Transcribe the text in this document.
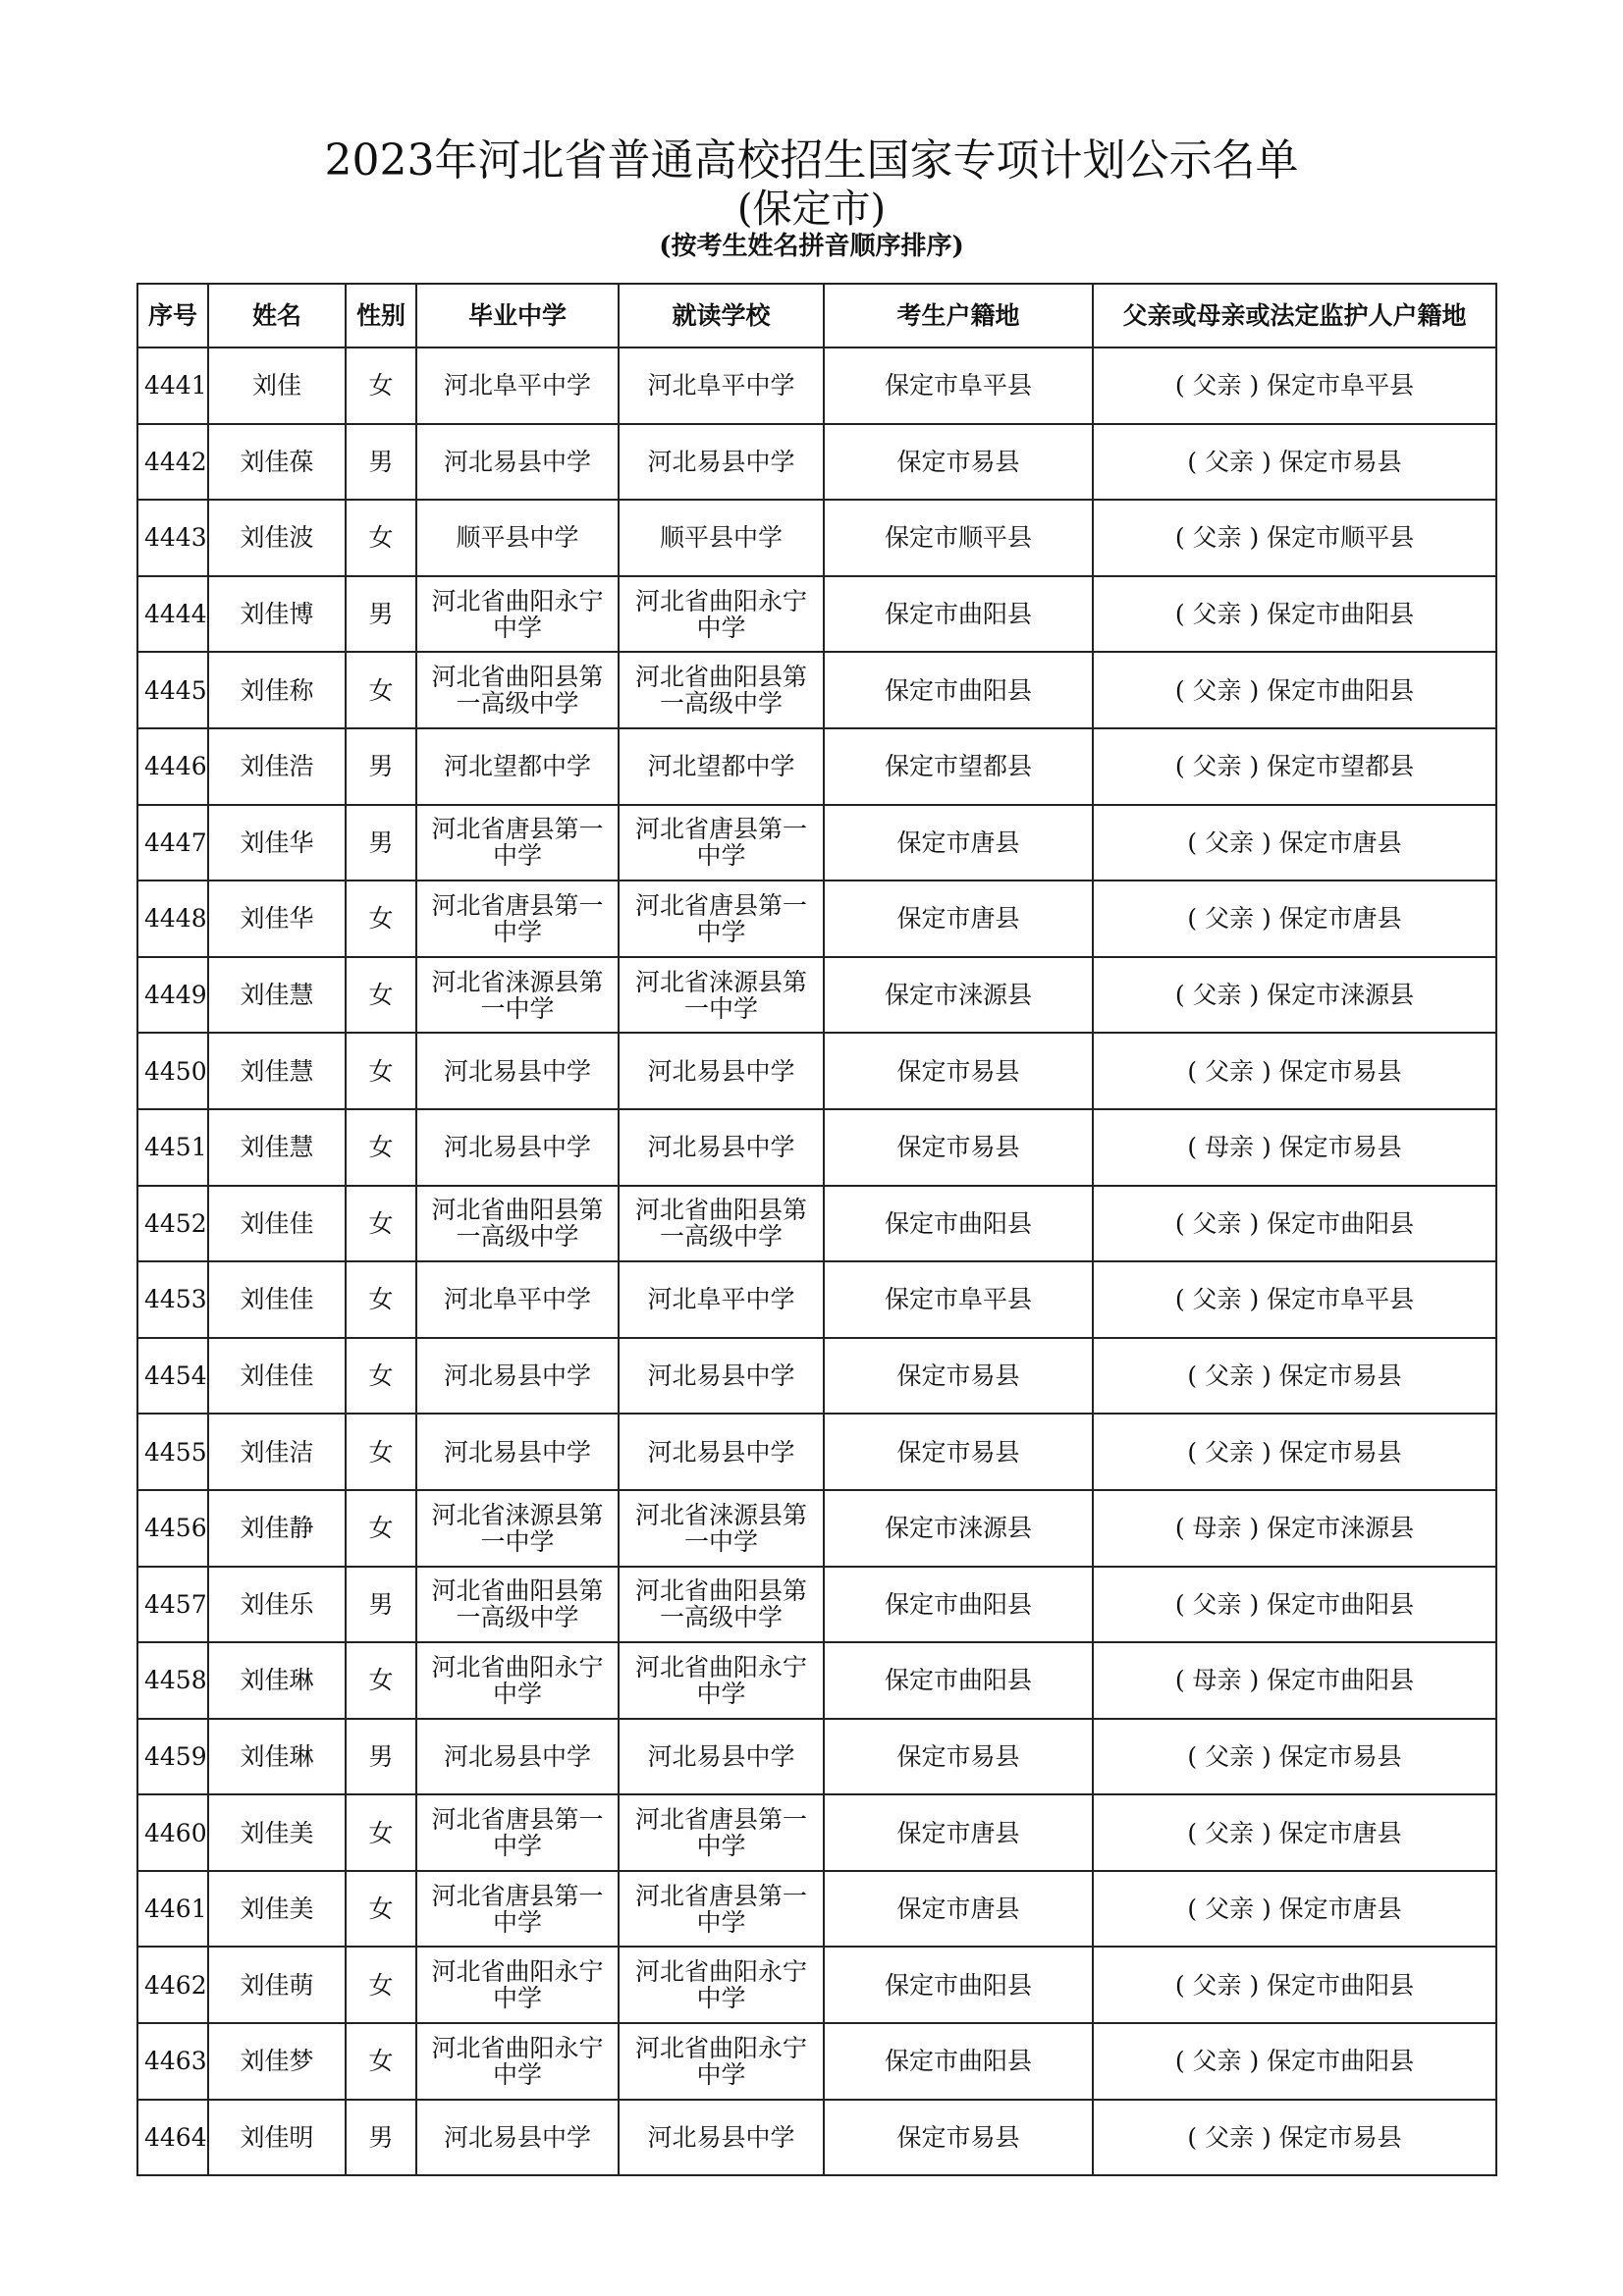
2023年河北省普通高校招生国家专项计划公示名单
(保定市)
(按考生姓名拼音顺序排序)
序号	姓名	性别	毕业中学	就读学校	考生户籍地	父亲或母亲或法定监护人户籍地
4441	刘佳	女	河北阜平中学	河北阜平中学	保定市阜平县	( 父亲 ) 保定市阜平县
4442	刘佳葆	男	河北易县中学	河北易县中学	保定市易县	( 父亲 ) 保定市易县
4443	刘佳波	女	顺平县中学	顺平县中学	保定市顺平县	( 父亲 ) 保定市顺平县
4444	刘佳博	男	河北省曲阳永宁中学	河北省曲阳永宁中学	保定市曲阳县	( 父亲 ) 保定市曲阳县
4445	刘佳称	女	河北省曲阳县第一高级中学	河北省曲阳县第一高级中学	保定市曲阳县	( 父亲 ) 保定市曲阳县
4446	刘佳浩	男	河北望都中学	河北望都中学	保定市望都县	( 父亲 ) 保定市望都县
4447	刘佳华	男	河北省唐县第一中学	河北省唐县第一中学	保定市唐县	( 父亲 ) 保定市唐县
4448	刘佳华	女	河北省唐县第一中学	河北省唐县第一中学	保定市唐县	( 父亲 ) 保定市唐县
4449	刘佳慧	女	河北省涞源县第一中学	河北省涞源县第一中学	保定市涞源县	( 父亲 ) 保定市涞源县
4450	刘佳慧	女	河北易县中学	河北易县中学	保定市易县	( 父亲 ) 保定市易县
4451	刘佳慧	女	河北易县中学	河北易县中学	保定市易县	( 母亲 ) 保定市易县
4452	刘佳佳	女	河北省曲阳县第一高级中学	河北省曲阳县第一高级中学	保定市曲阳县	( 父亲 ) 保定市曲阳县
4453	刘佳佳	女	河北阜平中学	河北阜平中学	保定市阜平县	( 父亲 ) 保定市阜平县
4454	刘佳佳	女	河北易县中学	河北易县中学	保定市易县	( 父亲 ) 保定市易县
4455	刘佳洁	女	河北易县中学	河北易县中学	保定市易县	( 父亲 ) 保定市易县
4456	刘佳静	女	河北省涞源县第一中学	河北省涞源县第一中学	保定市涞源县	( 母亲 ) 保定市涞源县
4457	刘佳乐	男	河北省曲阳县第一高级中学	河北省曲阳县第一高级中学	保定市曲阳县	( 父亲 ) 保定市曲阳县
4458	刘佳琳	女	河北省曲阳永宁中学	河北省曲阳永宁中学	保定市曲阳县	( 母亲 ) 保定市曲阳县
4459	刘佳琳	男	河北易县中学	河北易县中学	保定市易县	( 父亲 ) 保定市易县
4460	刘佳美	女	河北省唐县第一中学	河北省唐县第一中学	保定市唐县	( 父亲 ) 保定市唐县
4461	刘佳美	女	河北省唐县第一中学	河北省唐县第一中学	保定市唐县	( 父亲 ) 保定市唐县
4462	刘佳萌	女	河北省曲阳永宁中学	河北省曲阳永宁中学	保定市曲阳县	( 父亲 ) 保定市曲阳县
4463	刘佳梦	女	河北省曲阳永宁中学	河北省曲阳永宁中学	保定市曲阳县	( 父亲 ) 保定市曲阳县
4464	刘佳明	男	河北易县中学	河北易县中学	保定市易县	( 父亲 ) 保定市易县
